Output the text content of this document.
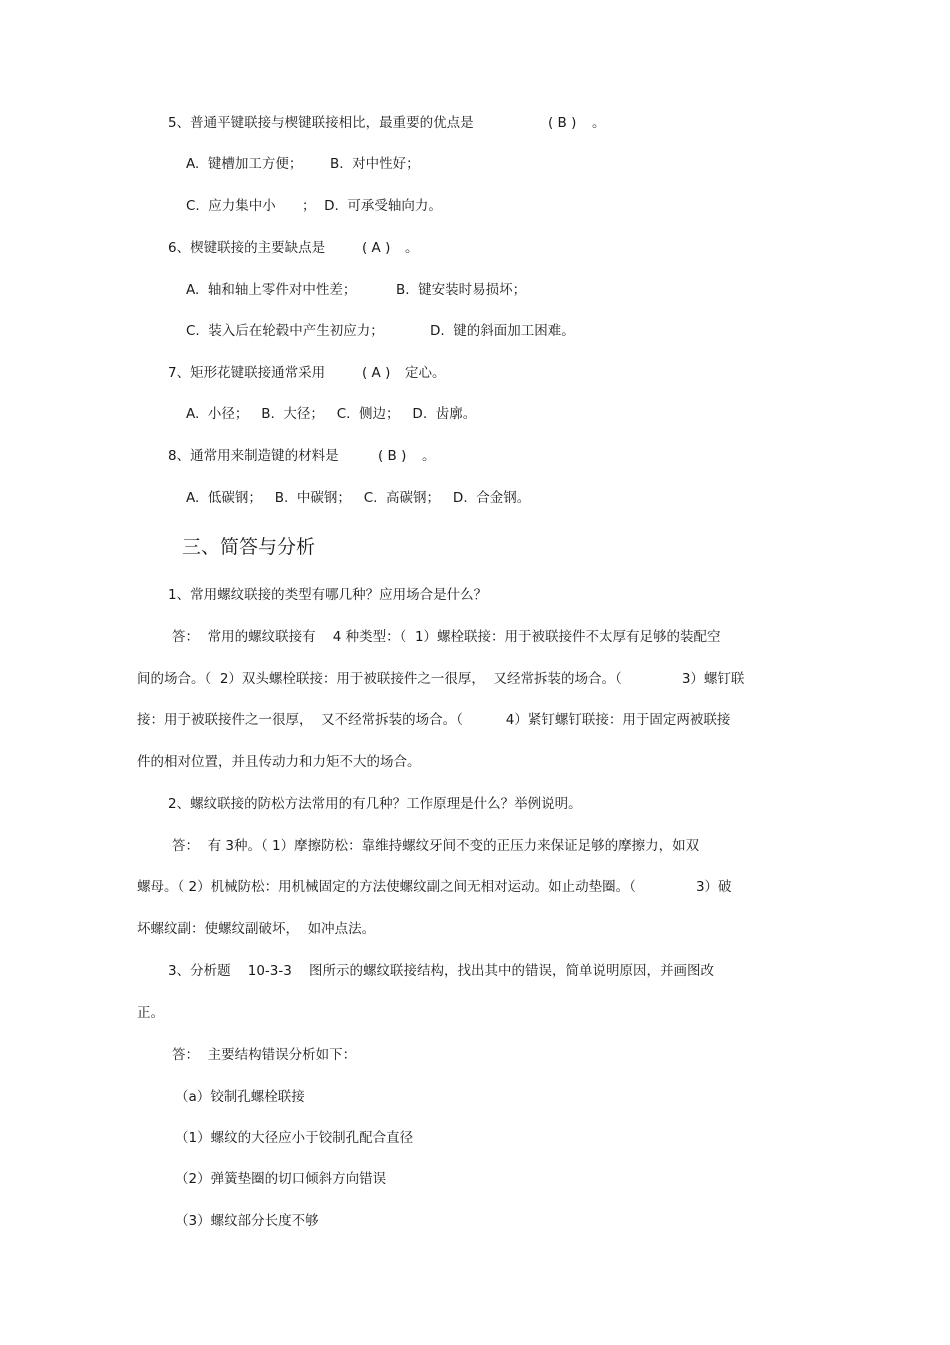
5、普通平键联接与楔键联接相比，最重要的优点是	( B ) 。
A.  键槽加工方便； B.  对中性好；
C.  应力集中小 ；  D.  可承受轴向力。
6、楔键联接的主要缺点是	( A ) 。
A.  轴和轴上零件对中性差；	B.  键安装时易损坏；
C.  装入后在轮毂中产生初应力；	D.  键的斜面加工困难。
7、矩形花键联接通常采用	( A ) 定心。
A.  小径；   B.  大径；   C.  侧边；   D.  齿廓。
8、通常用来制造键的材料是	( B ) 。
A.  低碳钢；   B.  中碳钢；   C.  高碳钢；   D.  合金钢。
三、简答与分析
1、常用螺纹联接的类型有哪几种？应用场合是什么？
答：  常用的螺纹联接有    4 种类型：（  1）螺栓联接：用于被联接件不太厚有足够的装配空
间的场合。（  2）双头螺栓联接：用于被联接件之一很厚，  又经常拆装的场合。（              3）螺钉联
接：用于被联接件之一很厚，  又不经常拆装的场合。（          4）紧钉螺钉联接：用于固定两被联接
件的相对位置，并且传动力和力矩不大的场合。
2、螺纹联接的防松方法常用的有几种？工作原理是什么？举例说明。
答：  有 3种。（ 1）摩擦防松：靠维持螺纹牙间不变的正压力来保证足够的摩擦力，如双
螺母。（ 2）机械防松：用机械固定的方法使螺纹副之间无相对运动。如止动垫圈。（              3）破
坏螺纹副：使螺纹副破坏，  如冲点法。
3、分析题    10-3-3    图所示的螺纹联接结构，找出其中的错误，简单说明原因，并画图改
正。
答：  主要结构错误分析如下：
（a）铰制孔螺栓联接
（1）螺纹的大径应小于铰制孔配合直径
（2）弹簧垫圈的切口倾斜方向错误
（3）螺纹部分长度不够
